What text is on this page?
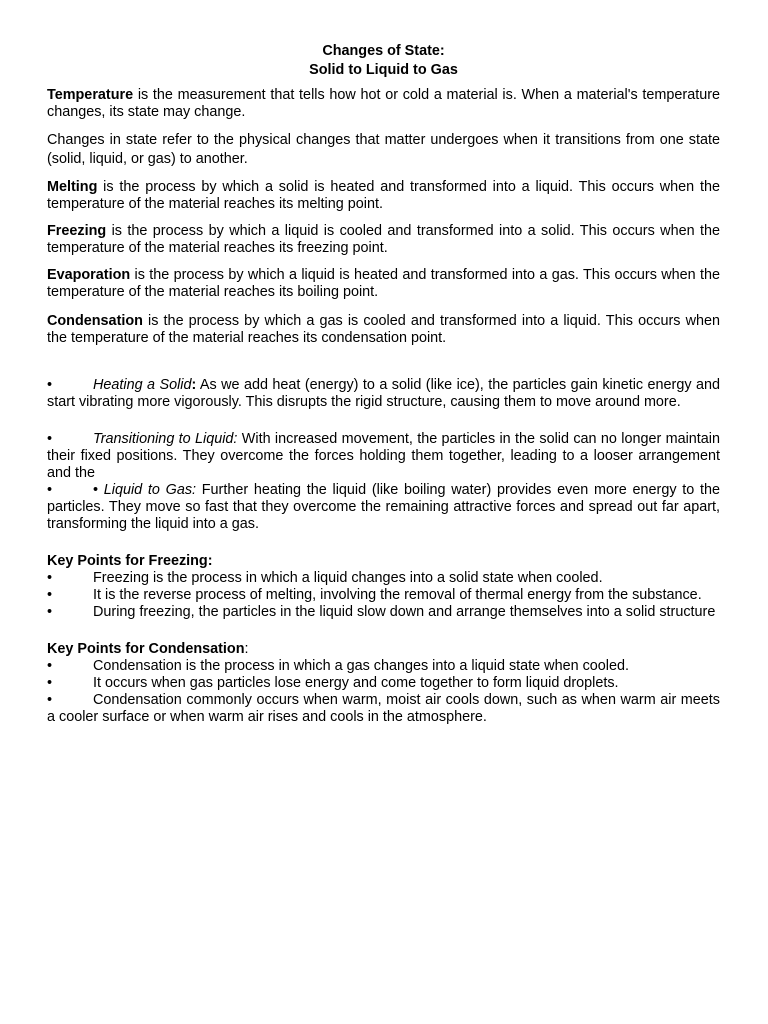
Changes of State:
Solid to Liquid to Gas

Temperature is the measurement that tells how hot or cold a material is. When a material's temperature changes, its state may change.

Changes in state refer to the physical changes that matter undergoes when it transitions from one state (solid, liquid, or gas) to another.

Melting is the process by which a solid is heated and transformed into a liquid. This occurs when the temperature of the material reaches its melting point.

Freezing is the process by which a liquid is cooled and transformed into a solid. This occurs when the temperature of the material reaches its freezing point.

Evaporation is the process by which a liquid is heated and transformed into a gas. This occurs when the temperature of the material reaches its boiling point.

Condensation is the process by which a gas is cooled and transformed into a liquid. This occurs when the temperature of the material reaches its condensation point.

•	Heating a Solid: As we add heat (energy) to a solid (like ice), the particles gain kinetic energy and start vibrating more vigorously. This disrupts the rigid structure, causing them to move around more.

•	Transitioning to Liquid: With increased movement, the particles in the solid can no longer maintain their fixed positions. They overcome the forces holding them together, leading to a looser arrangement and the

•	• Liquid to Gas: Further heating the liquid (like boiling water) provides even more energy to the particles. They move so fast that they overcome the remaining attractive forces and spread out far apart, transforming the liquid into a gas.

Key Points for Freezing:

•	Freezing is the process in which a liquid changes into a solid state when cooled.

•	It is the reverse process of melting, involving the removal of thermal energy from the substance.

•	During freezing, the particles in the liquid slow down and arrange themselves into a solid structure

Key Points for Condensation:

•	Condensation is the process in which a gas changes into a liquid state when cooled.

•	It occurs when gas particles lose energy and come together to form liquid droplets.

•	Condensation commonly occurs when warm, moist air cools down, such as when warm air meets a cooler surface or when warm air rises and cools in the atmosphere.
